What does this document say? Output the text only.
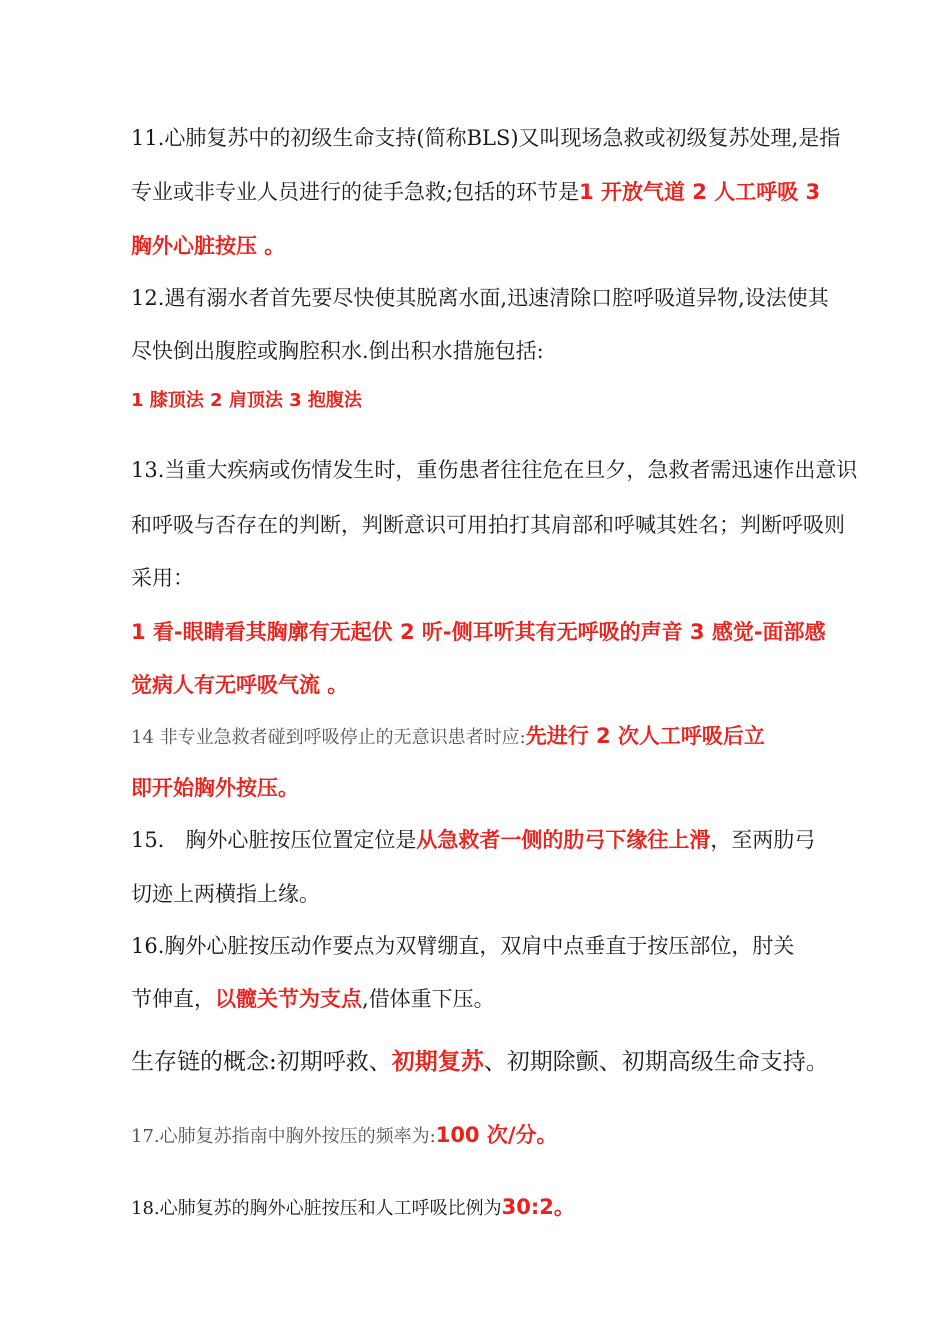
11.心肺复苏中的初级生命支持(简称BLS)又叫现场急救或初级复苏处理,是指
专业或非专业人员进行的徒手急救;包括的环节是1 开放气道 2 人工呼吸 3
胸外心脏按压 。
12.遇有溺水者首先要尽快使其脱离水面,迅速清除口腔呼吸道异物,设法使其
尽快倒出腹腔或胸腔积水.倒出积水措施包括:
1 膝顶法 2 肩顶法 3 抱腹法
13.当重大疾病或伤情发生时，重伤患者往往危在旦夕，急救者需迅速作出意识
和呼吸与否存在的判断，判断意识可用拍打其肩部和呼喊其姓名；判断呼吸则
采用：
1 看-眼睛看其胸廓有无起伏 2 听-侧耳听其有无呼吸的声音 3 感觉-面部感
觉病人有无呼吸气流 。
14 非专业急救者碰到呼吸停止的无意识患者时应:先进行 2 次人工呼吸后立
即开始胸外按压。
15． 胸外心脏按压位置定位是从急救者一侧的肋弓下缘往上滑，至两肋弓
切迹上两横指上缘。
16.胸外心脏按压动作要点为双臂绷直，双肩中点垂直于按压部位，肘关
节伸直，以髋关节为支点,借体重下压。
生存链的概念:初期呼救、初期复苏、初期除颤、初期高级生命支持。
17.心肺复苏指南中胸外按压的频率为:100 次/分。
18.心肺复苏的胸外心脏按压和人工呼吸比例为30:2。
